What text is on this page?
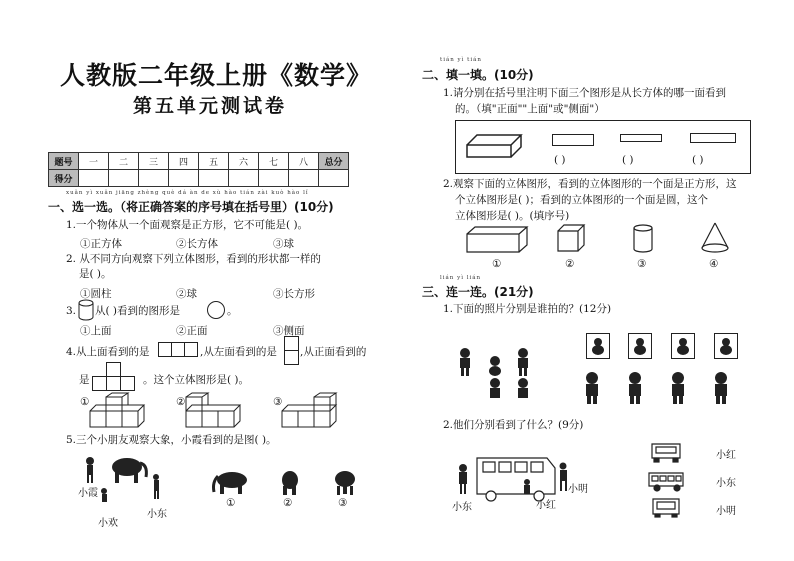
人教版二年级上册《数学》
第五单元测试卷
题号	一	二	三	四	五	六	七	八	总分
得分									
xuǎn yì xuǎn jiāng zhèng què dá àn de xù hào tián zài kuò hào lǐ
一、选一选。（将正确答案的序号填在括号里）(10分)
1.一个物体从一个面观察是正方形，它不可能是( )。
①正方体	②长方体	③球
2. 从不同方向观察下列立体图形，看到的形状都一样的
是( )。
①圆柱	②球	③长方形
3. 从( )看到的图形是	。
①上面	②正面	③侧面
4.从上面看到的是	,从左面看到的是 ,从正面看到的
是	。这个立体图形是( )。
①	②	③
5.三个小朋友观察大象，小霞看到的是图( )。
小霞
小东
小欢
①	②	③
tián yì tián
二、填一填。(10分)
1.请分别在括号里注明下面三个图形是从长方体的哪一面看到
的。（填"正面""上面"或"侧面"）
( )	( )	( )
2.观察下面的立体图形，看到的立体图形的一个面是正方形，这
个立体图形是( )；看到的立体图形的一个面是圆，这个
立体图形是( )。(填序号)
①	②	③	④
lián yì lián
三、连一连。(21分)
1.下面的照片分别是谁拍的？(12分)
2.他们分别看到了什么？(9分)
小东	小红
小明
小红
小东
小明
